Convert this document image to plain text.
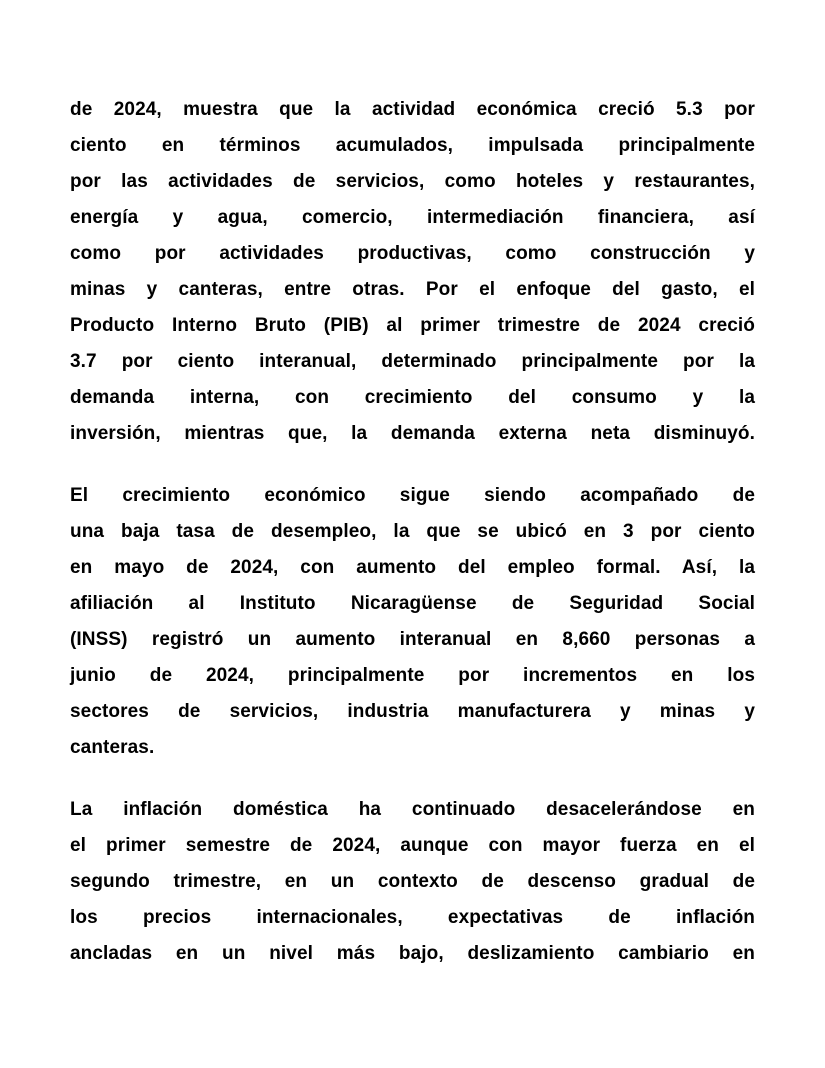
de 2024, muestra que la actividad económica creció 5.3 por
ciento en términos acumulados, impulsada principalmente
por las actividades de servicios, como hoteles y restaurantes,
energía y agua, comercio, intermediación financiera, así
como por actividades productivas, como construcción y
minas y canteras, entre otras. Por el enfoque del gasto, el
Producto Interno Bruto (PIB) al primer trimestre de 2024 creció
3.7 por ciento interanual, determinado principalmente por la
demanda interna, con crecimiento del consumo y la
inversión, mientras que, la demanda externa neta disminuyó.

El crecimiento económico sigue siendo acompañado de
una baja tasa de desempleo, la que se ubicó en 3 por ciento
en mayo de 2024, con aumento del empleo formal. Así, la
afiliación al Instituto Nicaragüense de Seguridad Social
(INSS) registró un aumento interanual en 8,660 personas a
junio de 2024, principalmente por incrementos en los
sectores de servicios, industria manufacturera y minas y
canteras.

La inflación doméstica ha continuado desacelerándose en
el primer semestre de 2024, aunque con mayor fuerza en el
segundo trimestre, en un contexto de descenso gradual de
los precios internacionales, expectativas de inflación
ancladas en un nivel más bajo, deslizamiento cambiario en
